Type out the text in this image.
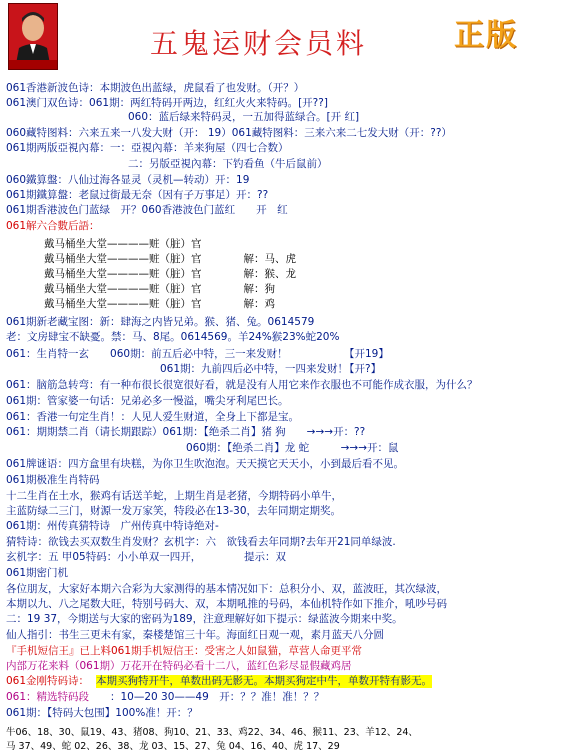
五鬼运财会员料	正版
061香港新波色诗：本期波色出蓝绿，虎鼠看了也发财。（开？）
061澳门双色诗：061期：两红特码开两边，红红火火来特码。[开??]
060：蓝后绿来特码灵，一五加得蓝绿合。[开 红]
060藏特图料：六来五来一八发大财（开： 19）061藏特图料：三来六来二七发大财（开：??）
061期两版亞視內幕：一：亞視內幕：羊来狗屋（四七合数）
二：另版亞視內幕：下钓看鱼（牛后鼠前）
060鐵算盤：八仙过海各显灵（灵机—转动）开：19
061期鐵算盤：老鼠过街最无奈（因有子万事足）开：??
061期香港波色门蓝绿　开？060香港波色门蓝红　　开　红
061解六合數后語：
戴马桶坐大堂————赃（脏）官
戴马桶坐大堂————赃（脏）官　　　　解：马、虎
戴马桶坐大堂————赃（脏）官　　　　解：猴、龙
戴马桶坐大堂————赃（脏）官　　　　解：狗
戴马桶坐大堂————赃（脏）官　　　　解：鸡
061期新老藏宝图：新：肆海之内皆兄弟。猴、猪、兔。0614579
老：文房肆宝不缺憂。禁：马、8尾。0614569。羊24%猴23%蛇20%
061：生肖特一玄　　060期：前五后必中特，三一来发财！	【开19】
061期：九前四后必中特，一四来发财！
【开?】
061：脑筋急转弯：有一种布很长很宽很好看，就是没有人用它来作衣服也不可能作成衣服，为什么？
061期：管家婆一句话：兄弟必多一慢溢，嘴尖牙利尾巴长。
061：香港一句定生肖！：人见人爱生财道，全身上下都是宝。
061：期期禁二肖（请长期跟踪）061期：【绝杀二肖】猪 狗　　→→→开：??
060期：【绝杀二肖】龙 蛇　　　→→→开：鼠
061牌谜语：四方盒里有块糕，为你卫生吹泡泡。天天摸它天天小，小到最后看不见。
061期极准生肖特码
十二生肖在土水，猴鸡有话送羊蛇，上期生肖是老猪，今期特码小单牛，
主蓝防绿二三门，财源一发万家笑，特段必在13-30，去年同期定期奖。
061期：州传真猜特诗　广州传真中特诗绝对-
猜特诗：欲钱去买双数生肖发财？玄机字：六　欲钱看去年同期?去年开21同单绿波.
玄机字：五 甲05特码：小小单双一四开，	提示：双
061期密门机
各位朋友，大家好本期六合彩为大家测得的基本情况如下：总积分小、双，蓝波旺，其次绿波，
本期以九、八之尾数大旺，特别号码大、双，本期吼推的号码，本仙机特作如下推介，吼吵号码
二：19 37，今期送与大家的密码为189，注意理解好如下提示：绿蓝波今期来中奖。
仙人指引：书生三更未有家，秦楼楚馆三十年。海面红日观一观，素月蓝天八分圆
『手机短信王』已上料061期手机短信王：受害之人如鼠猫，草营人命更平常
内部万花来料（061期）万花开在特码必看十二八，蓝红色彩尽显假藏鸡居
061金刚特码诗： 本期买狗特开牛，单数出码无影无。本期买狗定中牛，单数开特有影无。
061：精选特码段 ：10—20 30——49　开：？？准！准！？？
061期：【特码大包围】100%准！开：？
牛06、18、30、鼠19、43、猪08、狗10、21、33、鸡22、34、46、猴11、23、羊12、24、
马 37、49、蛇 02、26、38、龙 03、15、27、兔 04、16、40、虎 17、29
